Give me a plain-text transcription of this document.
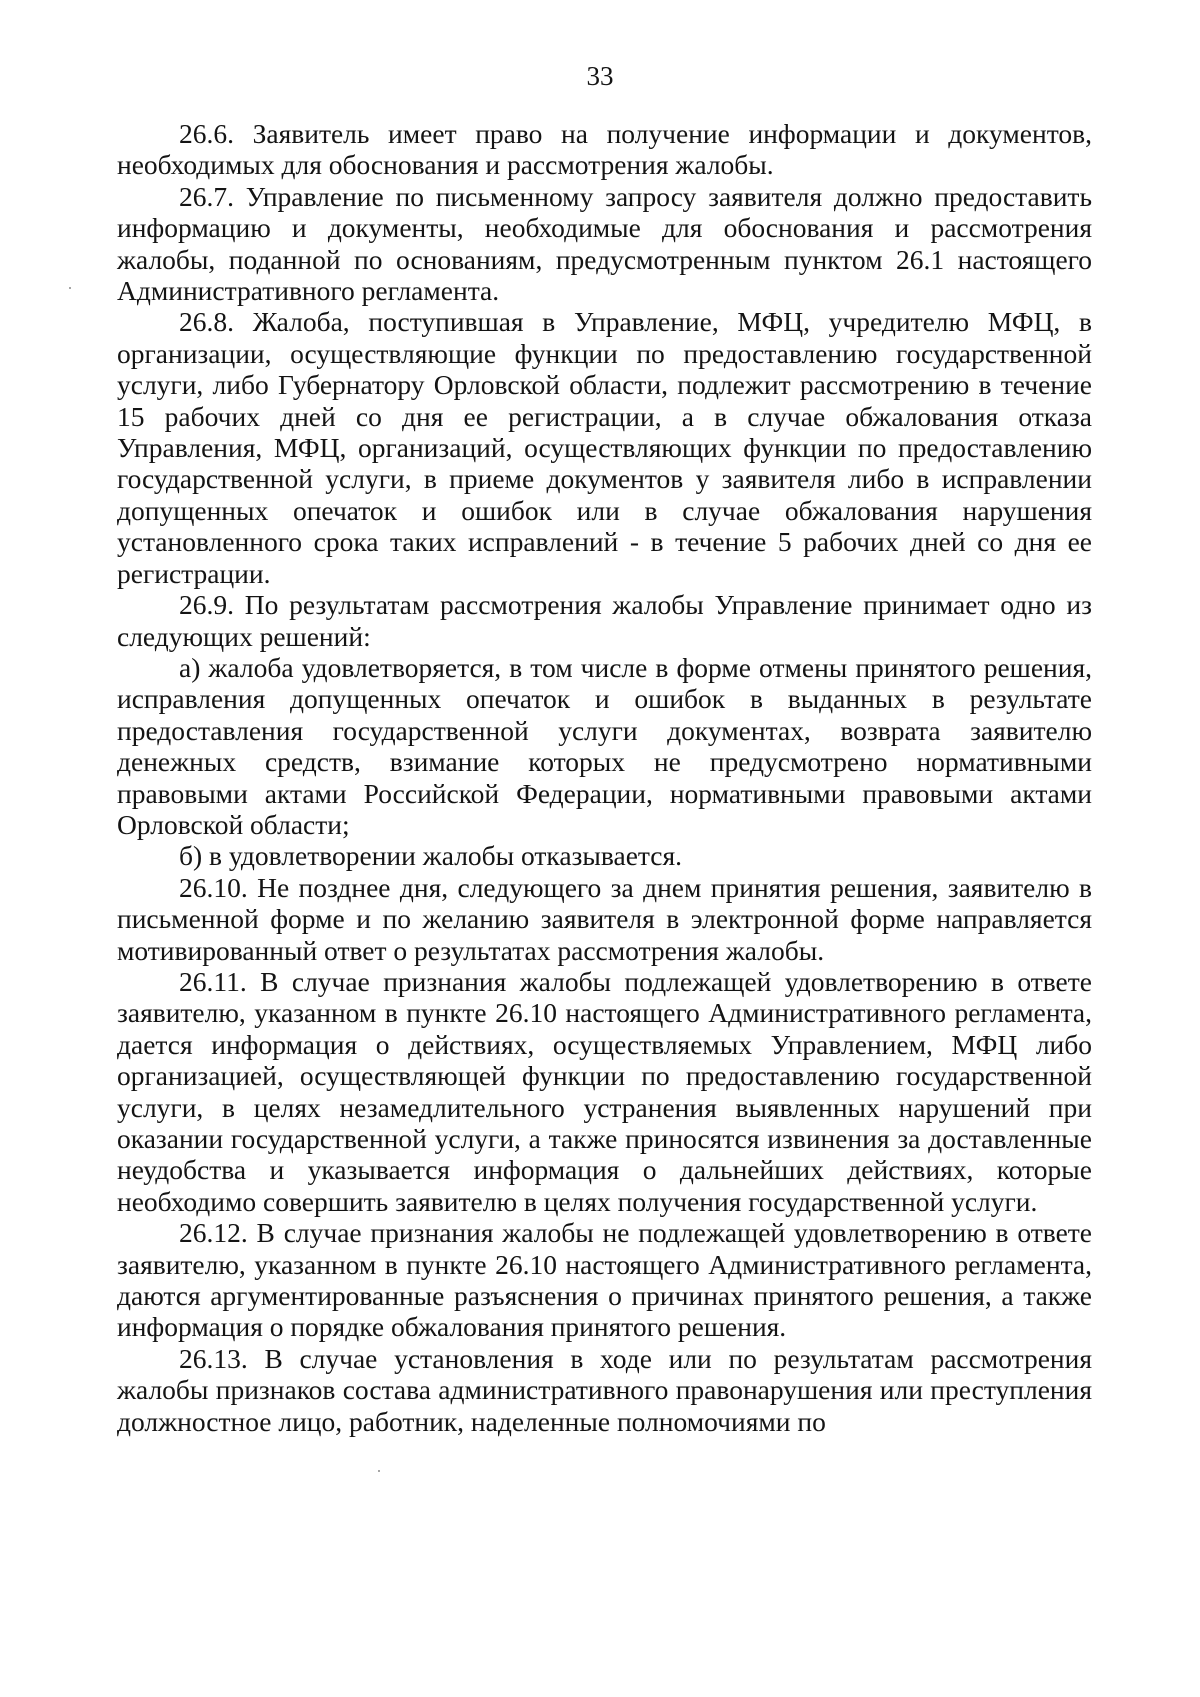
33

26.6. Заявитель имеет право на получение информации и документов, необходимых для обоснования и рассмотрения жалобы.

26.7. Управление по письменному запросу заявителя должно предоставить информацию и документы, необходимые для обоснования и рассмотрения жалобы, поданной по основаниям, предусмотренным пунктом 26.1 настоящего Административного регламента.

26.8. Жалоба, поступившая в Управление, МФЦ, учредителю МФЦ, в организации, осуществляющие функции по предоставлению государственной услуги, либо Губернатору Орловской области, подлежит рассмотрению в течение 15 рабочих дней со дня ее регистрации, а в случае обжалования отказа Управления, МФЦ, организаций, осуществляющих функции по предоставлению государственной услуги, в приеме документов у заявителя либо в исправлении допущенных опечаток и ошибок или в случае обжалования нарушения установленного срока таких исправлений - в течение 5 рабочих дней со дня ее регистрации.

26.9. По результатам рассмотрения жалобы Управление принимает одно из следующих решений:

а) жалоба удовлетворяется, в том числе в форме отмены принятого решения, исправления допущенных опечаток и ошибок в выданных в результате предоставления государственной услуги документах, возврата заявителю денежных средств, взимание которых не предусмотрено нормативными правовыми актами Российской Федерации, нормативными правовыми актами Орловской области;

б) в удовлетворении жалобы отказывается.

26.10. Не позднее дня, следующего за днем принятия решения, заявителю в письменной форме и по желанию заявителя в электронной форме направляется мотивированный ответ о результатах рассмотрения жалобы.

26.11. В случае признания жалобы подлежащей удовлетворению в ответе заявителю, указанном в пункте 26.10 настоящего Административного регламента, дается информация о действиях, осуществляемых Управлением, МФЦ либо организацией, осуществляющей функции по предоставлению государственной услуги, в целях незамедлительного устранения выявленных нарушений при оказании государственной услуги, а также приносятся извинения за доставленные неудобства и указывается информация о дальнейших действиях, которые необходимо совершить заявителю в целях получения государственной услуги.

26.12. В случае признания жалобы не подлежащей удовлетворению в ответе заявителю, указанном в пункте 26.10 настоящего Административного регламента, даются аргументированные разъяснения о причинах принятого решения, а также информация о порядке обжалования принятого решения.

26.13. В случае установления в ходе или по результатам рассмотрения жалобы признаков состава административного правонарушения или преступления должностное лицо, работник, наделенные полномочиями по
